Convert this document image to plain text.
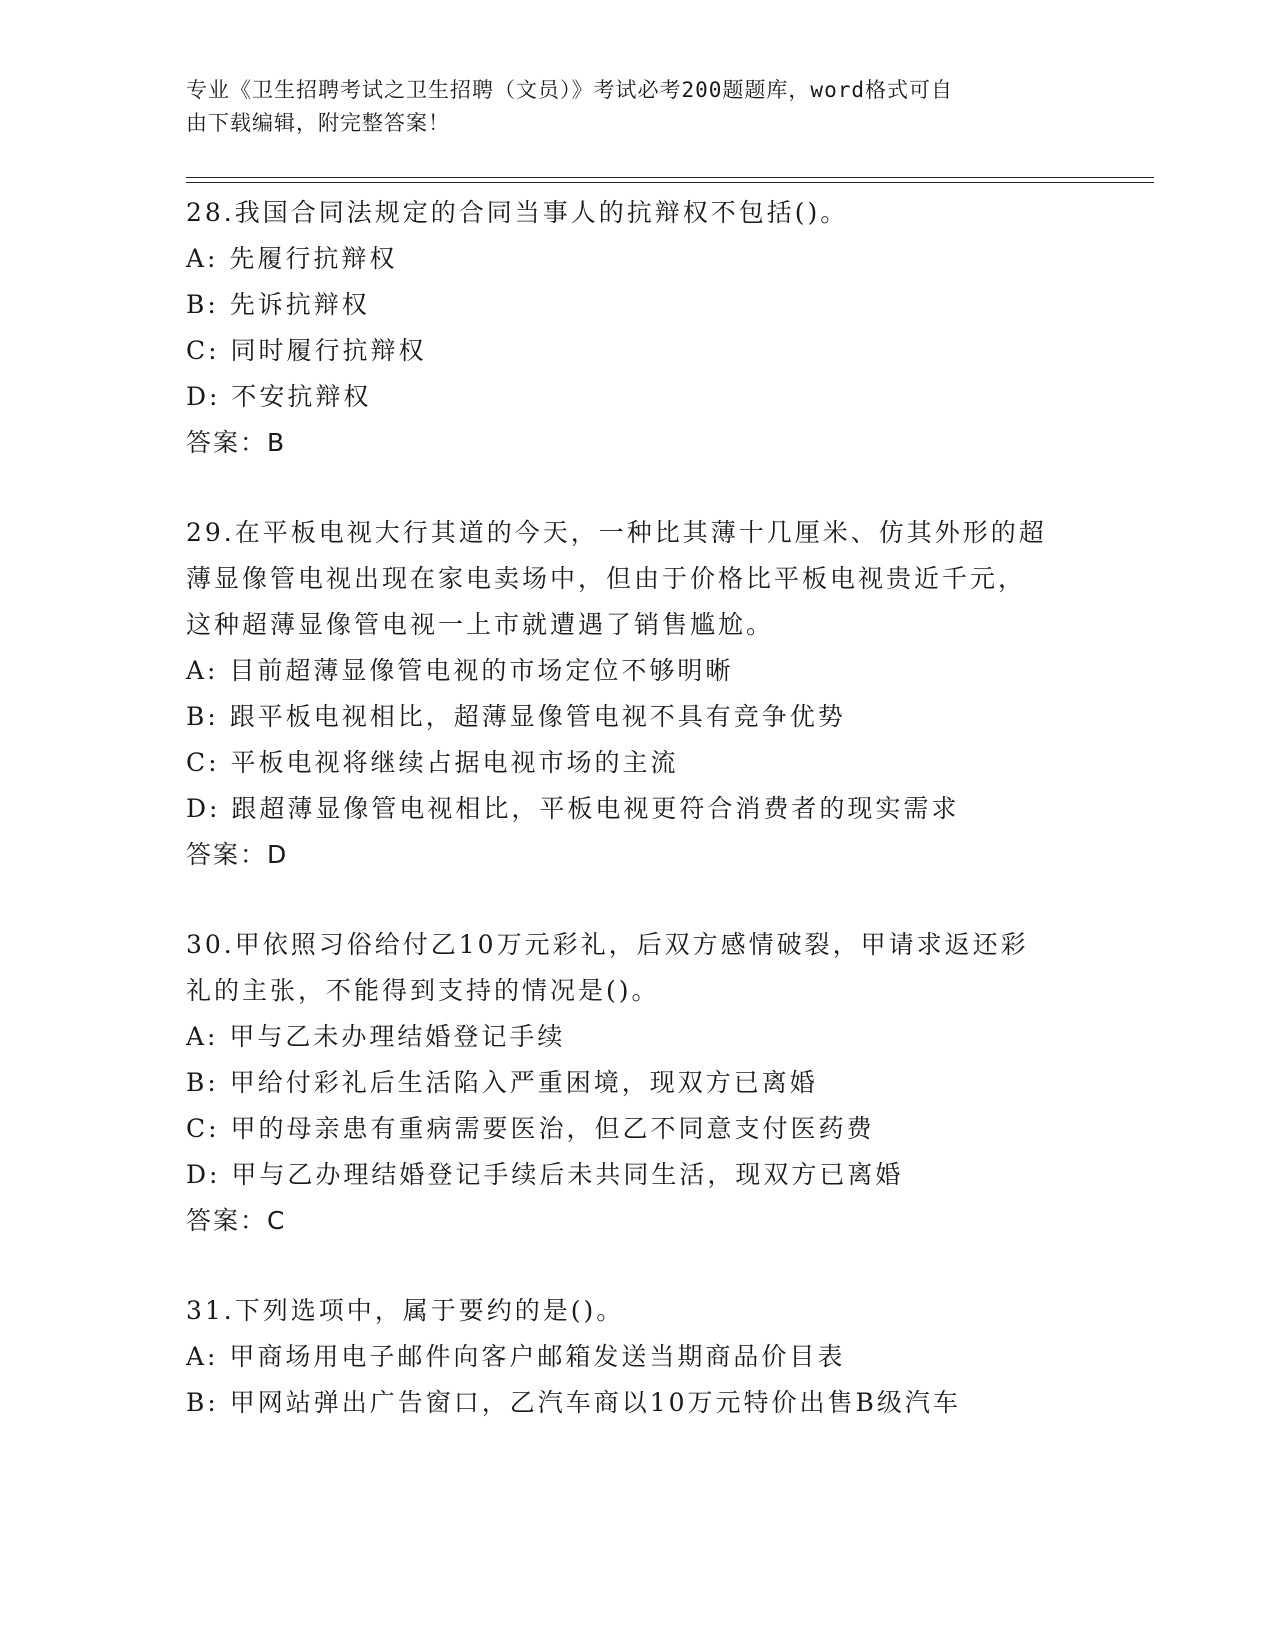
专业《卫生招聘考试之卫生招聘（文员）》考试必考200题题库，word格式可自
由下载编辑，附完整答案！
28.我国合同法规定的合同当事人的抗辩权不包括()。
A: 先履行抗辩权
B: 先诉抗辩权
C: 同时履行抗辩权
D: 不安抗辩权
答案：B
29.在平板电视大行其道的今天，一种比其薄十几厘米、仿其外形的超
薄显像管电视出现在家电卖场中，但由于价格比平板电视贵近千元，
这种超薄显像管电视一上市就遭遇了销售尴尬。
A: 目前超薄显像管电视的市场定位不够明晰
B: 跟平板电视相比，超薄显像管电视不具有竞争优势
C: 平板电视将继续占据电视市场的主流
D: 跟超薄显像管电视相比，平板电视更符合消费者的现实需求
答案：D
30.甲依照习俗给付乙10万元彩礼，后双方感情破裂，甲请求返还彩
礼的主张，不能得到支持的情况是()。
A: 甲与乙未办理结婚登记手续
B: 甲给付彩礼后生活陷入严重困境，现双方已离婚
C: 甲的母亲患有重病需要医治，但乙不同意支付医药费
D: 甲与乙办理结婚登记手续后未共同生活，现双方已离婚
答案：C
31.下列选项中，属于要约的是()。
A: 甲商场用电子邮件向客户邮箱发送当期商品价目表
B: 甲网站弹出广告窗口，乙汽车商以10万元特价出售B级汽车
